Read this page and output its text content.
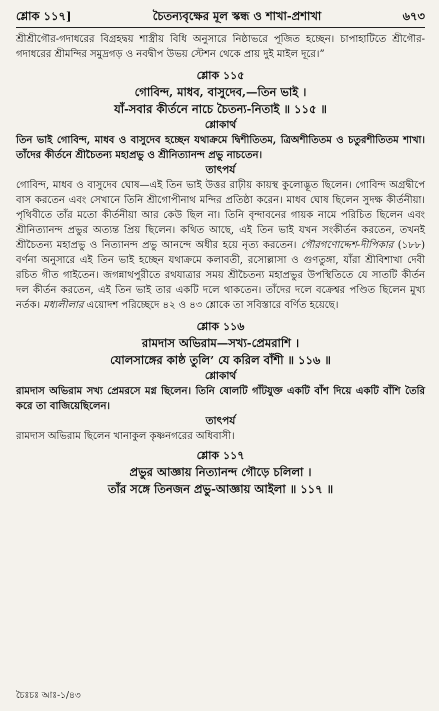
শ্লোক ১১৭]	চৈতন্যবৃক্ষের মূল স্কন্ধ ও শাখা-প্রশাখা	৬৭৩

শ্রীশ্রীগৌর-গদাধরের বিগ্রহদ্বয় শাস্ত্রীয় বিধি অনুসারে নিষ্ঠাভরে পূজিত হচ্ছেন। চাপাহাটিতে শ্রীগৌর-গদাধরের শ্রীমন্দির সমুদ্রগড় ও নবদ্বীপ উভয় স্টেশন থেকে প্রায় দুই মাইল দূরে।”

শ্লোক ১১৫
গোবিন্দ, মাধব, বাসুদেব,—তিন ভাই ।
যাঁ-সবার কীর্তনে নাচে চৈতন্য-নিতাই ॥ ১১৫ ॥
শ্লোকার্থ

তিন ভাই গোবিন্দ, মাধব ও বাসুদেব হচ্ছেন যথাক্রমে দ্বিশীতিতম, ত্রিঅশীতিতম ও চতুরশীতিতম শাখা। তাঁদের কীর্তনে শ্রীচৈতন্য মহাপ্রভু ও শ্রীনিত্যানন্দ প্রভু নাচতেন।

তাৎপর্য

গোবিন্দ, মাধব ও বাসুদেব ঘোষ—এই তিন ভাই উত্তর রাঢ়ীয় কায়স্থ কুলোদ্ভূত ছিলেন। গোবিন্দ অগ্রদ্বীপে বাস করতেন এবং সেখানে তিনি শ্রীগোপীনাথ মন্দির প্রতিষ্ঠা করেন। মাধব ঘোষ ছিলেন সুদক্ষ কীর্তনীয়া। পৃথিবীতে তাঁর মতো কীর্তনীয়া আর কেউ ছিল না। তিনি বৃন্দাবনের গায়ক নামে পরিচিত ছিলেন এবং শ্রীনিত্যানন্দ প্রভুর অত্যন্ত প্রিয় ছিলেন। কথিত আছে, এই তিন ভাই যখন সংকীর্তন করতেন, তখনই শ্রীচৈতন্য মহাপ্রভু ও নিত্যানন্দ প্রভু আনন্দে অধীর হয়ে নৃত্য করতেন। গৌরগণোদ্দেশ-দীপিকার (১৮৮) বর্ণনা অনুসারে এই তিন ভাই হচ্ছেন যথাক্রমে কলাবতী, রসোল্লাসা ও গুণতুঙ্গা, যাঁরা শ্রীবিশাখা দেবী রচিত গীত গাইতেন। জগন্নাথপুরীতে রথযাত্রার সময় শ্রীচৈতন্য মহাপ্রভুর উপস্থিতিতে যে সাতটি কীর্তন দল কীর্তন করতেন, এই তিন ভাই তার একটি দলে থাকতেন। তাঁদের দলে বক্রেশ্বর পণ্ডিত ছিলেন মুখ্য নর্তক। মধ্যলীলার এয়োদশ পরিচ্ছেদে ৪২ ও ৪৩ শ্লোকে তা সবিস্তারে বর্ণিত হয়েছে।

শ্লোক ১১৬
রামদাস অভিরাম—সখ্য-প্রেমরাশি ।
যোলসাঙ্গের কাষ্ঠ তুলি’ যে করিল বাঁশী ॥ ১১৬ ॥
শ্লোকার্থ

রামদাস অভিরাম সখ্য প্রেমরসে মগ্ন ছিলেন। তিনি ষোলটি গাঁটযুক্ত একটি বাঁশ দিয়ে একটি বাঁশি তৈরি করে তা বাজিয়েছিলেন।

তাৎপর্য

রামদাস অভিরাম ছিলেন খানাকুল কৃষ্ণনগরের অধিবাসী।

শ্লোক ১১৭
প্রভুর আজ্ঞায় নিত্যানন্দ গৌড়ে চলিলা ।
তাঁর সঙ্গে তিনজন প্রভু-আজ্ঞায় আইলা ॥ ১১৭ ॥
চৈঃচঃ আঃ-১/৪৩
